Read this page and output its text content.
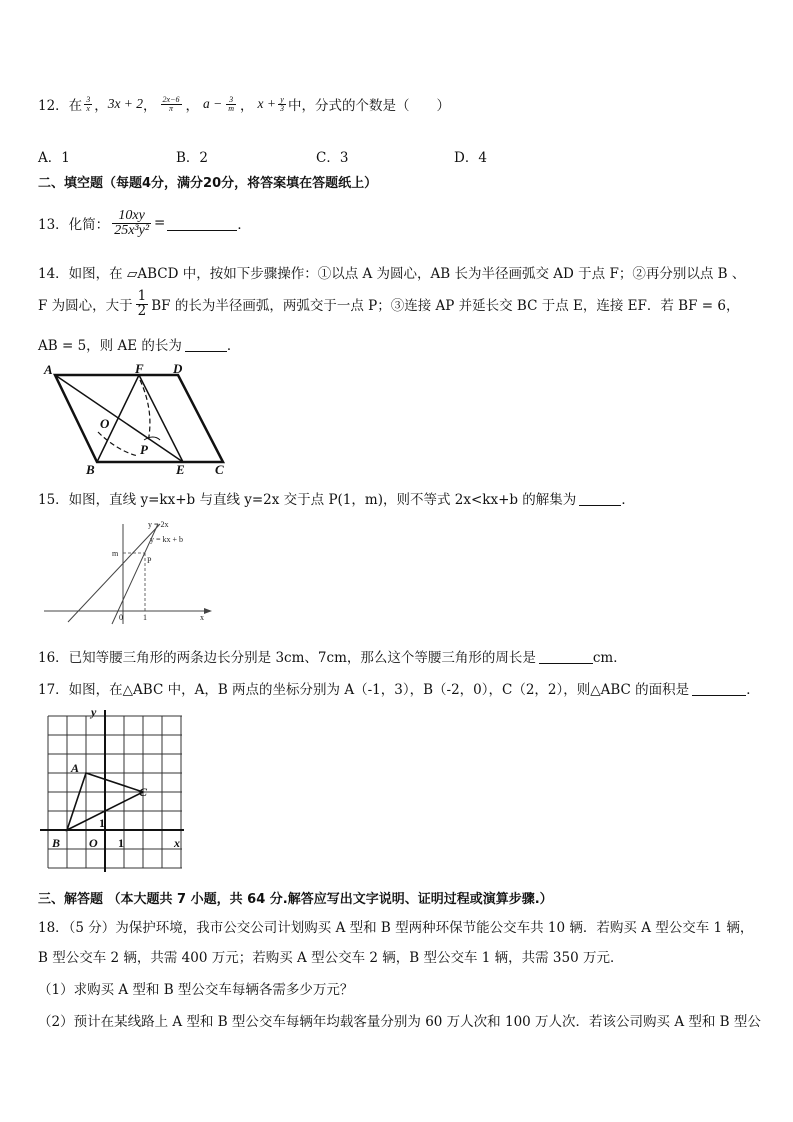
12．在 $\frac{3}{x}$ ， 3x + 2 ， $\frac{2x-6}{\pi}$ ， $a - \frac{3}{m}$ ， $x + \frac{y}{3}$ 中，分式的个数是（　　）
A．1	B．2	C．3	D．4
二、填空题（每题4分，满分20分，将答案填在答题纸上）
13．化简： $\frac{10xy}{\text{25x³y²}}$ =	．
14．如图，在 ▱ABCD 中，按如下步骤操作：①以点 A 为圆心，AB 长为半径画弧交 AD 于点 F；②再分别以点 B 、
F 为圆心，大于 $\frac{1}{2}$ BF 的长为半径画弧，两弧交于一点 P；③连接 AP 并延长交 BC 于点 E，连接 EF．若 BF = 6，
AB = 5，则 AE 的长为	．
A	F D
O
P
B	E C
15．如图，直线 y=kx+b 与直线 y=2x 交于点 P(1，m)，则不等式 2x<kx+b 的解集为	．
y = 2x
y = kx + b
m
P
0	1	x
16．已知等腰三角形的两条边长分别是 3cm、7cm，那么这个等腰三角形的周长是	cm．
17．如图，在△ABC 中，A，B 两点的坐标分别为 A（-1，3），B（-2，0），C（2，2），则△ABC 的面积是	．
y
A
C
1
B O 1	x
三、解答题 （本大题共 7 小题，共 64 分.解答应写出文字说明、证明过程或演算步骤.）
18．（5 分）为保护环境，我市公交公司计划购买 A 型和 B 型两种环保节能公交车共 10 辆．若购买 A 型公交车 1 辆，
B 型公交车 2 辆，共需 400 万元；若购买 A 型公交车 2 辆，B 型公交车 1 辆，共需 350 万元．
（1）求购买 A 型和 B 型公交车每辆各需多少万元？
（2）预计在某线路上 A 型和 B 型公交车每辆年均载客量分别为 60 万人次和 100 万人次．若该公司购买 A 型和 B 型公
